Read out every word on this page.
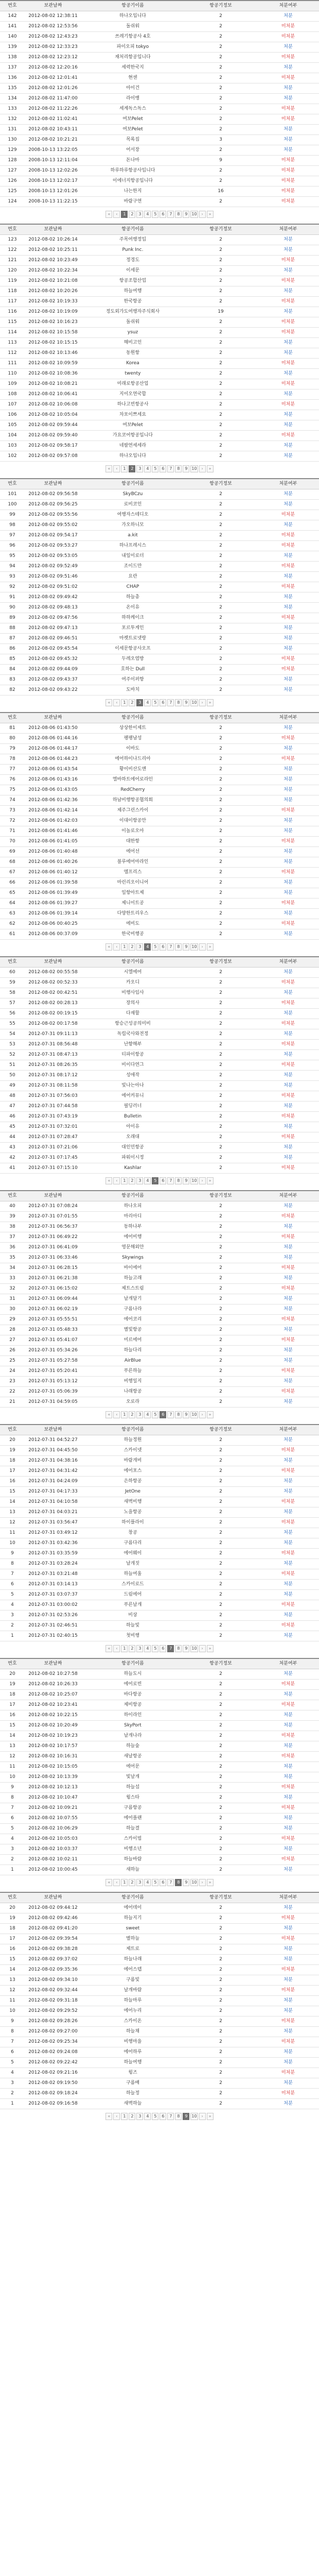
번호	보관날짜	항공기이름	항공기정보	처분여부
142	2012-08-02 12:38:11	하나오입니다	2	처분
141	2012-08-02 12:53:56	돌쉬워	2	미처분
140	2012-08-02 12:43:23	쓰레기항공사 4호	2	미처분
139	2012-08-02 12:33:23	파이오피 tokyo	2	처분
138	2012-08-02 12:23:12	재처리항공입니다	2	미처분
137	2012-08-02 12:20:16	세력한국지	2	처분
136	2012-08-02 12:01:41	현센	2	미처분
135	2012-08-02 12:01:26	아이건	2	처분
134	2012-08-02 11:47:00	라이뱅	2	처분
133	2012-08-02 11:22:26	세계독스독스	2	미처분
132	2012-08-02 11:02:41	여보Pelet	2	미처분
131	2012-08-02 10:43:11	여보Pelet	2	처분
130	2012-08-02 10:21:21	목록집	3	처분
129	2008-10-13 13:22:05	어서장	2	처분
128	2008-10-13 12:11:04	돈나마	9	미처분
127	2008-10-13 12:02:26	하루하루항공사입니다	2	미처분
126	2008-10-13 12:02:17	이에너지항공입니다	2	미처분
125	2008-10-13 12:01:26	나는한지	16	미처분
124	2008-10-13 11:22:15	바람구연	2	미처분
«	‹	1	2	3	4	5	6	7	8	9 10	›	»
번호	보관날짜	항공기이름	항공기정보	처분여부
123	2012-08-02 10:26:14	주목여행정입	2	처분
122	2012-08-02 10:25:11	Punk Inc.	2	처분
121	2012-08-02 10:23:49	정경도	2	미처분
120	2012-08-02 10:22:34	이세문	2	처분
119	2012-08-02 10:21:08	항공조합산업	2	미처분
118	2012-08-02 10:20:26	하늘여행	2	처분
117	2012-08-02 10:19:33	한국항공	2	미처분
116	2012-08-02 10:19:09	정도외가도여행자주식회사	19	처분
115	2012-08-02 10:16:23	돌쉬워	2	미처분
114	2012-08-02 10:15:58	ysuz	2	미처분
113	2012-08-02 10:15:15	해비고인	2	처분
112	2012-08-02 10:13:46	동원항	2	처분
111	2012-08-02 10:09:59	Korea	2	미처분
110	2012-08-02 10:08:36	twenty	2	처분
109	2012-08-02 10:08:21	미래로항공산업	2	미처분
108	2012-08-02 10:06:41	지이오연국합	2	처분
107	2012-08-02 10:06:08	하나고빈항공사	2	미처분
106	2012-08-02 10:05:04	차포이쁘세요	2	처분
105	2012-08-02 09:59:44	여보Pelet	2	처분
104	2012-08-02 09:59:40	가요코어항공입니다	2	미처분
103	2012-08-02 09:58:17	네팔연세세라	2	처분
102	2012-08-02 09:57:08	하나오입니다	2	처분
«	‹	1	2	3	4	5	6	7	8	9 10	›	»
번호	보관날짜	항공기이름	항공기정보	처분여부
101	2012-08-02 09:56:58	SkyBCzu	2	처분
100	2012-08-02 09:56:25	로비코인	2	처분
99	2012-08-02 09:55:56	여행자스테디오	2	미처분
98	2012-08-02 09:55:02	가오하니모	2	처분
97	2012-08-02 09:54:17	a.kit	2	미처분
96	2012-08-02 09:53:27	하나프레시스	2	미처분
95	2012-08-02 09:53:05	내일이로더	2	처분
94	2012-08-02 09:52:49	조이드만	2	미처분
93	2012-08-02 09:51:46	요란	2	처분
92	2012-08-02 09:51:02	CHAP	2	미처분
91	2012-08-02 09:49:42	하늘총	2	처분
90	2012-08-02 09:48:13	온이유	2	처분
89	2012-08-02 09:47:56	하하케이크	2	미처분
88	2012-08-02 09:47:13	포르투게인	2	처분
87	2012-08-02 09:46:51	마켓트로넷랑	2	처분
86	2012-08-02 09:45:54	이세문항공사오프	2	처분
85	2012-08-02 09:45:32	두레오염방	2	미처분
84	2012-08-02 09:44:09	호하는 Dull	2	미처분
83	2012-08-02 09:43:37	여주이퍼항	2	처분
82	2012-08-02 09:43:22	도바치	2	처분
«	‹	1	2	3	4	5	6	7	8	9 10	›	»
번호	보관날짜	항공기이름	항공기정보	처분여부
81	2012-08-06 01:43:50	상상한이제트	2	처분
80	2012-08-06 01:44:16	팽팽남성	2	미처분
79	2012-08-06 01:44:17	이바도	2	처분
78	2012-08-06 01:44:23	에어하이나드리아	2	미처분
77	2012-08-06 01:43:54	황이비산도앤	2	처분
76	2012-08-06 01:43:16	엘바하트에어로라인	2	처분
75	2012-08-06 01:43:05	RedCherry	2	처분
74	2012-08-06 01:42:36	하남비행항공협의회	2	처분
73	2012-08-06 01:42:14	제주그린스카이	2	미처분
72	2012-08-06 01:42:03	이대이항공안	2	처분
71	2012-08-06 01:41:46	이놀로오아	2	처분
70	2012-08-06 01:41:05	대한항	2	미처분
69	2012-08-06 01:40:48	에어선	2	처분
68	2012-08-06 01:40:26	블루에어마라인	2	처분
67	2012-08-06 01:40:12	엠프리스	2	미처분
66	2012-08-06 01:39:58	마린리오이니어	2	처분
65	2012-08-06 01:39:49	일항아트제	2	처분
64	2012-08-06 01:39:27	제니이트공	2	미처분
63	2012-08-06 01:39:14	다양한트리우스	2	처분
62	2012-08-06 00:40:25	에비도	2	미처분
61	2012-08-06 00:37:09	한국비행공	2	처분
«	‹	1	2	3	4	5	6	7	8	9 10	›	»
번호	보관날짜	항공기이름	항공기정보	처분여부
60	2012-08-02 00:55:58	시엘에어	2	처분
59	2012-08-02 00:52:33	카오디	2	미처분
58	2012-08-02 00:42:51	비행사임사	2	처분
57	2012-08-02 00:28:13	장의사	2	미처분
56	2012-08-02 00:19:15	다재할	2	처분
55	2012-08-02 00:17:58	항승근성공의미비	2	미처분
54	2012-07-31 09:11:13	독립국사와전정	2	처분
53	2012-07-31 08:56:48	난향해부	2	미처분
52	2012-07-31 08:47:13	티파이항공	2	처분
51	2012-07-31 08:26:35	비이다연그	2	미처분
50	2012-07-31 08:17:12	성애작	2	처분
49	2012-07-31 08:11:58	빛나는아나	2	처분
48	2012-07-31 07:56:03	에어커뮤니	2	미처분
47	2012-07-31 07:44:58	필딩러너	2	처분
46	2012-07-31 07:43:19	Bulletin	2	미처분
45	2012-07-31 07:32:01	아이유	2	처분
44	2012-07-31 07:28:47	오래대	2	미처분
43	2012-07-31 07:21:06	대인민항공	2	처분
42	2012-07-31 07:17:45	파워이시정	2	처분
41	2012-07-31 07:15:10	Kashlar	2	미처분
«	‹	1	2	3	4	5	6	7	8	9 10	›	»
번호	보관날짜	항공기이름	항공기정보	처분여부
40	2012-07-31 07:08:24	하나오피	2	처분
39	2012-07-31 07:01:55	마리아디	2	미처분
38	2012-07-31 06:56:37	동하나부	2	처분
37	2012-07-31 06:49:22	에어비행	2	미처분
36	2012-07-31 06:41:09	영문해외안	2	처분
35	2012-07-31 06:33:46	Skywings	2	처분
34	2012-07-31 06:28:15	바이에어	2	미처분
33	2012-07-31 06:21:38	하늘고래	2	처분
32	2012-07-31 06:15:02	제트스트림	2	미처분
31	2012-07-31 06:09:44	날개달기	2	처분
30	2012-07-31 06:02:19	구름나라	2	처분
29	2012-07-31 05:55:51	에어코리	2	미처분
28	2012-07-31 05:48:33	별빛항공	2	처분
27	2012-07-31 05:41:07	미르에어	2	미처분
26	2012-07-31 05:34:26	하늘다리	2	처분
25	2012-07-31 05:27:58	AirBlue	2	처분
24	2012-07-31 05:20:41	푸른하늘	2	미처분
23	2012-07-31 05:13:12	비행일지	2	처분
22	2012-07-31 05:06:39	나래항공	2	미처분
21	2012-07-31 04:59:05	오로라	2	처분
«	‹	1	2	3	4	5	6	7	8	9 10	›	»
번호	보관날짜	항공기이름	항공기정보	처분여부
20	2012-07-31 04:52:27	하늘정원	2	처분
19	2012-07-31 04:45:50	스카이넷	2	미처분
18	2012-07-31 04:38:16	바람개비	2	처분
17	2012-07-31 04:31:42	에어포스	2	미처분
16	2012-07-31 04:24:09	은하항공	2	처분
15	2012-07-31 04:17:33	JetOne	2	처분
14	2012-07-31 04:10:58	새벽비행	2	미처분
13	2012-07-31 04:03:21	노을항공	2	처분
12	2012-07-31 03:56:47	하이플라이	2	미처분
11	2012-07-31 03:49:12	창공	2	처분
10	2012-07-31 03:42:36	구름다리	2	처분
9	2012-07-31 03:35:59	에어웨이	2	미처분
8	2012-07-31 03:28:24	날개짓	2	처분
7	2012-07-31 03:21:48	하늘여울	2	미처분
6	2012-07-31 03:14:13	스카이로드	2	처분
5	2012-07-31 03:07:37	드림에어	2	처분
4	2012-07-31 03:00:02	푸른날개	2	미처분
3	2012-07-31 02:53:26	비상	2	처분
2	2012-07-31 02:46:51	하늘빛	2	미처분
1	2012-07-31 02:40:15	첫비행	2	처분
«	‹	1	2	3	4	5	6	7	8	9 10	›	»
번호	보관날짜	항공기이름	항공기정보	처분여부
20	2012-08-02 10:27:58	하늘도시	2	처분
19	2012-08-02 10:26:33	에어로빈	2	미처분
18	2012-08-02 10:25:07	바다항공	2	처분
17	2012-08-02 10:23:41	제비항공	2	미처분
16	2012-08-02 10:22:15	하이라인	2	처분
15	2012-08-02 10:20:49	SkyPort	2	처분
14	2012-08-02 10:19:23	날개나라	2	미처분
13	2012-08-02 10:17:57	하늘숲	2	처분
12	2012-08-02 10:16:31	새날항공	2	미처분
11	2012-08-02 10:15:05	에어문	2	처분
10	2012-08-02 10:13:39	빛날개	2	처분
9	2012-08-02 10:12:13	하늘섬	2	미처분
8	2012-08-02 10:10:47	윙스타	2	처분
7	2012-08-02 10:09:21	구름항공	2	미처분
6	2012-08-02 10:07:55	에어플랜	2	처분
5	2012-08-02 10:06:29	하늘결	2	처분
4	2012-08-02 10:05:03	스카이빔	2	미처분
3	2012-08-02 10:03:37	비행소년	2	처분
2	2012-08-02 10:02:11	하늘바람	2	미처분
1	2012-08-02 10:00:45	새하늘	2	처분
«	‹	1	2	3	4	5	6	7	8	9 10	›	»
번호	보관날짜	항공기이름	항공기정보	처분여부
20	2012-08-02 09:44:12	에어데이	2	처분
19	2012-08-02 09:42:46	하늘지기	2	미처분
18	2012-08-02 09:41:20	sweet	2	처분
17	2012-08-02 09:39:54	별하늘	2	미처분
16	2012-08-02 09:38:28	제트로	2	처분
15	2012-08-02 09:37:02	하늘나래	2	처분
14	2012-08-02 09:35:36	에어스텝	2	미처분
13	2012-08-02 09:34:10	구름빛	2	처분
12	2012-08-02 09:32:44	날개바람	2	미처분
11	2012-08-02 09:31:18	하늘마루	2	처분
10	2012-08-02 09:29:52	에어누리	2	처분
9	2012-08-02 09:28:26	스카이온	2	미처분
8	2012-08-02 09:27:00	하늘채	2	처분
7	2012-08-02 09:25:34	비행마을	2	미처분
6	2012-08-02 09:24:08	에어하루	2	처분
5	2012-08-02 09:22:42	하늘여행	2	처분
4	2012-08-02 09:21:16	윙즈	2	미처분
3	2012-08-02 09:19:50	구름배	2	처분
2	2012-08-02 09:18:24	하늘정	2	미처분
1	2012-08-02 09:16:58	새벽하늘	2	처분
«	‹	1	2	3	4	5	6	7	8	9 10	›	»
